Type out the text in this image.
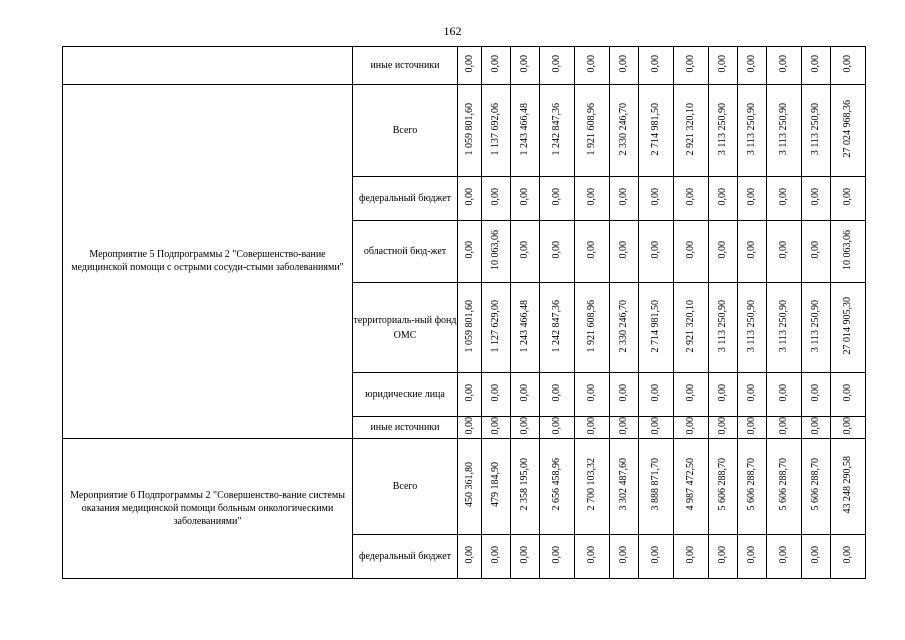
162
	иные источники	0,00	0,00	0,00	0,00	0,00	0,00	0,00	0,00	0,00	0,00	0,00	0,00	0,00
Мероприятие 5 Подпрограммы 2 "Совершенство-вание медицинской помощи с острыми сосуди-стыми заболеваниями"	Всего	1 059 801,60	1 137 692,06	1 243 466,48	1 242 847,36	1 921 608,96	2 330 246,70	2 714 981,50	2 921 320,10	3 113 250,90	3 113 250,90	3 113 250,90	3 113 250,90	27 024 968,36
	федеральный бюджет	0,00	0,00	0,00	0,00	0,00	0,00	0,00	0,00	0,00	0,00	0,00	0,00	0,00
	областной бюд-жет	0,00	10 063,06	0,00	0,00	0,00	0,00	0,00	0,00	0,00	0,00	0,00	0,00	10 063,06
	территориаль-ный фонд ОМС	1 059 801,60	1 127 629,00	1 243 466,48	1 242 847,36	1 921 608,96	2 330 246,70	2 714 981,50	2 921 320,10	3 113 250,90	3 113 250,90	3 113 250,90	3 113 250,90	27 014 905,30
	юридические лица	0,00	0,00	0,00	0,00	0,00	0,00	0,00	0,00	0,00	0,00	0,00	0,00	0,00
	иные источники	0,00	0,00	0,00	0,00	0,00	0,00	0,00	0,00	0,00	0,00	0,00	0,00	0,00
Мероприятие 6 Подпрограммы 2 "Совершенство-вание системы оказания медицинской помощи больным онкологическими заболеваниями"	Всего	450 361,80	479 184,90	2 358 195,00	2 656 458,96	2 700 103,32	3 302 487,60	3 888 871,70	4 987 472,50	5 606 288,70	5 606 288,70	5 606 288,70	5 606 288,70	43 248 290,58
	федеральный бюджет	0,00	0,00	0,00	0,00	0,00	0,00	0,00	0,00	0,00	0,00	0,00	0,00	0,00
